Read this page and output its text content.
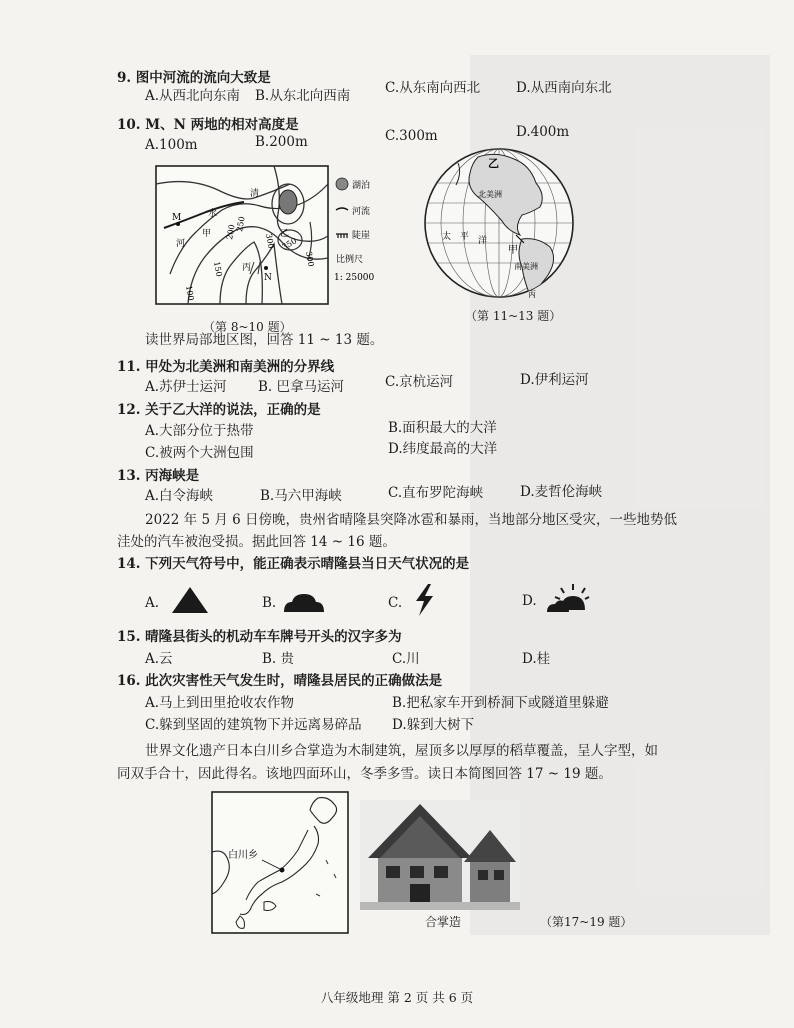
9. 图中河流的流向大致是
A.从西北向东南 B.从东北向西南	C.从东南向西北	D.从西南向东北
10. M、N 两地的相对高度是
A.100m	B.200m	C.300m	D.400m
M
N
河
水
甲
丙
清
乙
100
150
200
250
300 350
300
湖泊
河流
陡崖
比例尺
1: 25000
（第 8~10 题）
乙
北美洲
太 平 洋
甲
南美洲
丙
（第 11~13 题）
读世界局部地区图，回答 11 ~ 13 题。
11. 甲处为北美洲和南美洲的分界线
A.苏伊士运河 B. 巴拿马运河	C.京杭运河	D.伊利运河
12. 关于乙大洋的说法，正确的是
A.大部分位于热带	B.面积最大的大洋
C.被两个大洲包围	D.纬度最高的大洋
13. 丙海峡是
A.白令海峡	B.马六甲海峡	C.直布罗陀海峡	D.麦哲伦海峡
2022 年 5 月 6 日傍晚，贵州省晴隆县突降冰雹和暴雨，当地部分地区受灾，一些地势低
洼处的汽车被泡受损。据此回答 14 ~ 16 题。
14. 下列天气符号中，能正确表示晴隆县当日天气状况的是
A.	B.	C.	D.
15. 晴隆县街头的机动车车牌号开头的汉字多为
A.云	B. 贵	C.川	D.桂
16. 此次灾害性天气发生时，晴隆县居民的正确做法是
A.马上到田里抢收农作物	B.把私家车开到桥洞下或隧道里躲避
C.躲到坚固的建筑物下并远离易碎品 D.躲到大树下
世界文化遗产日本白川乡合掌造为木制建筑，屋顶多以厚厚的稻草覆盖，呈人字型，如
同双手合十，因此得名。该地四面环山，冬季多雪。读日本简图回答 17 ~ 19 题。
白川乡
合掌造	（第17~19 题）
八年级地理 第 2 页 共 6 页
